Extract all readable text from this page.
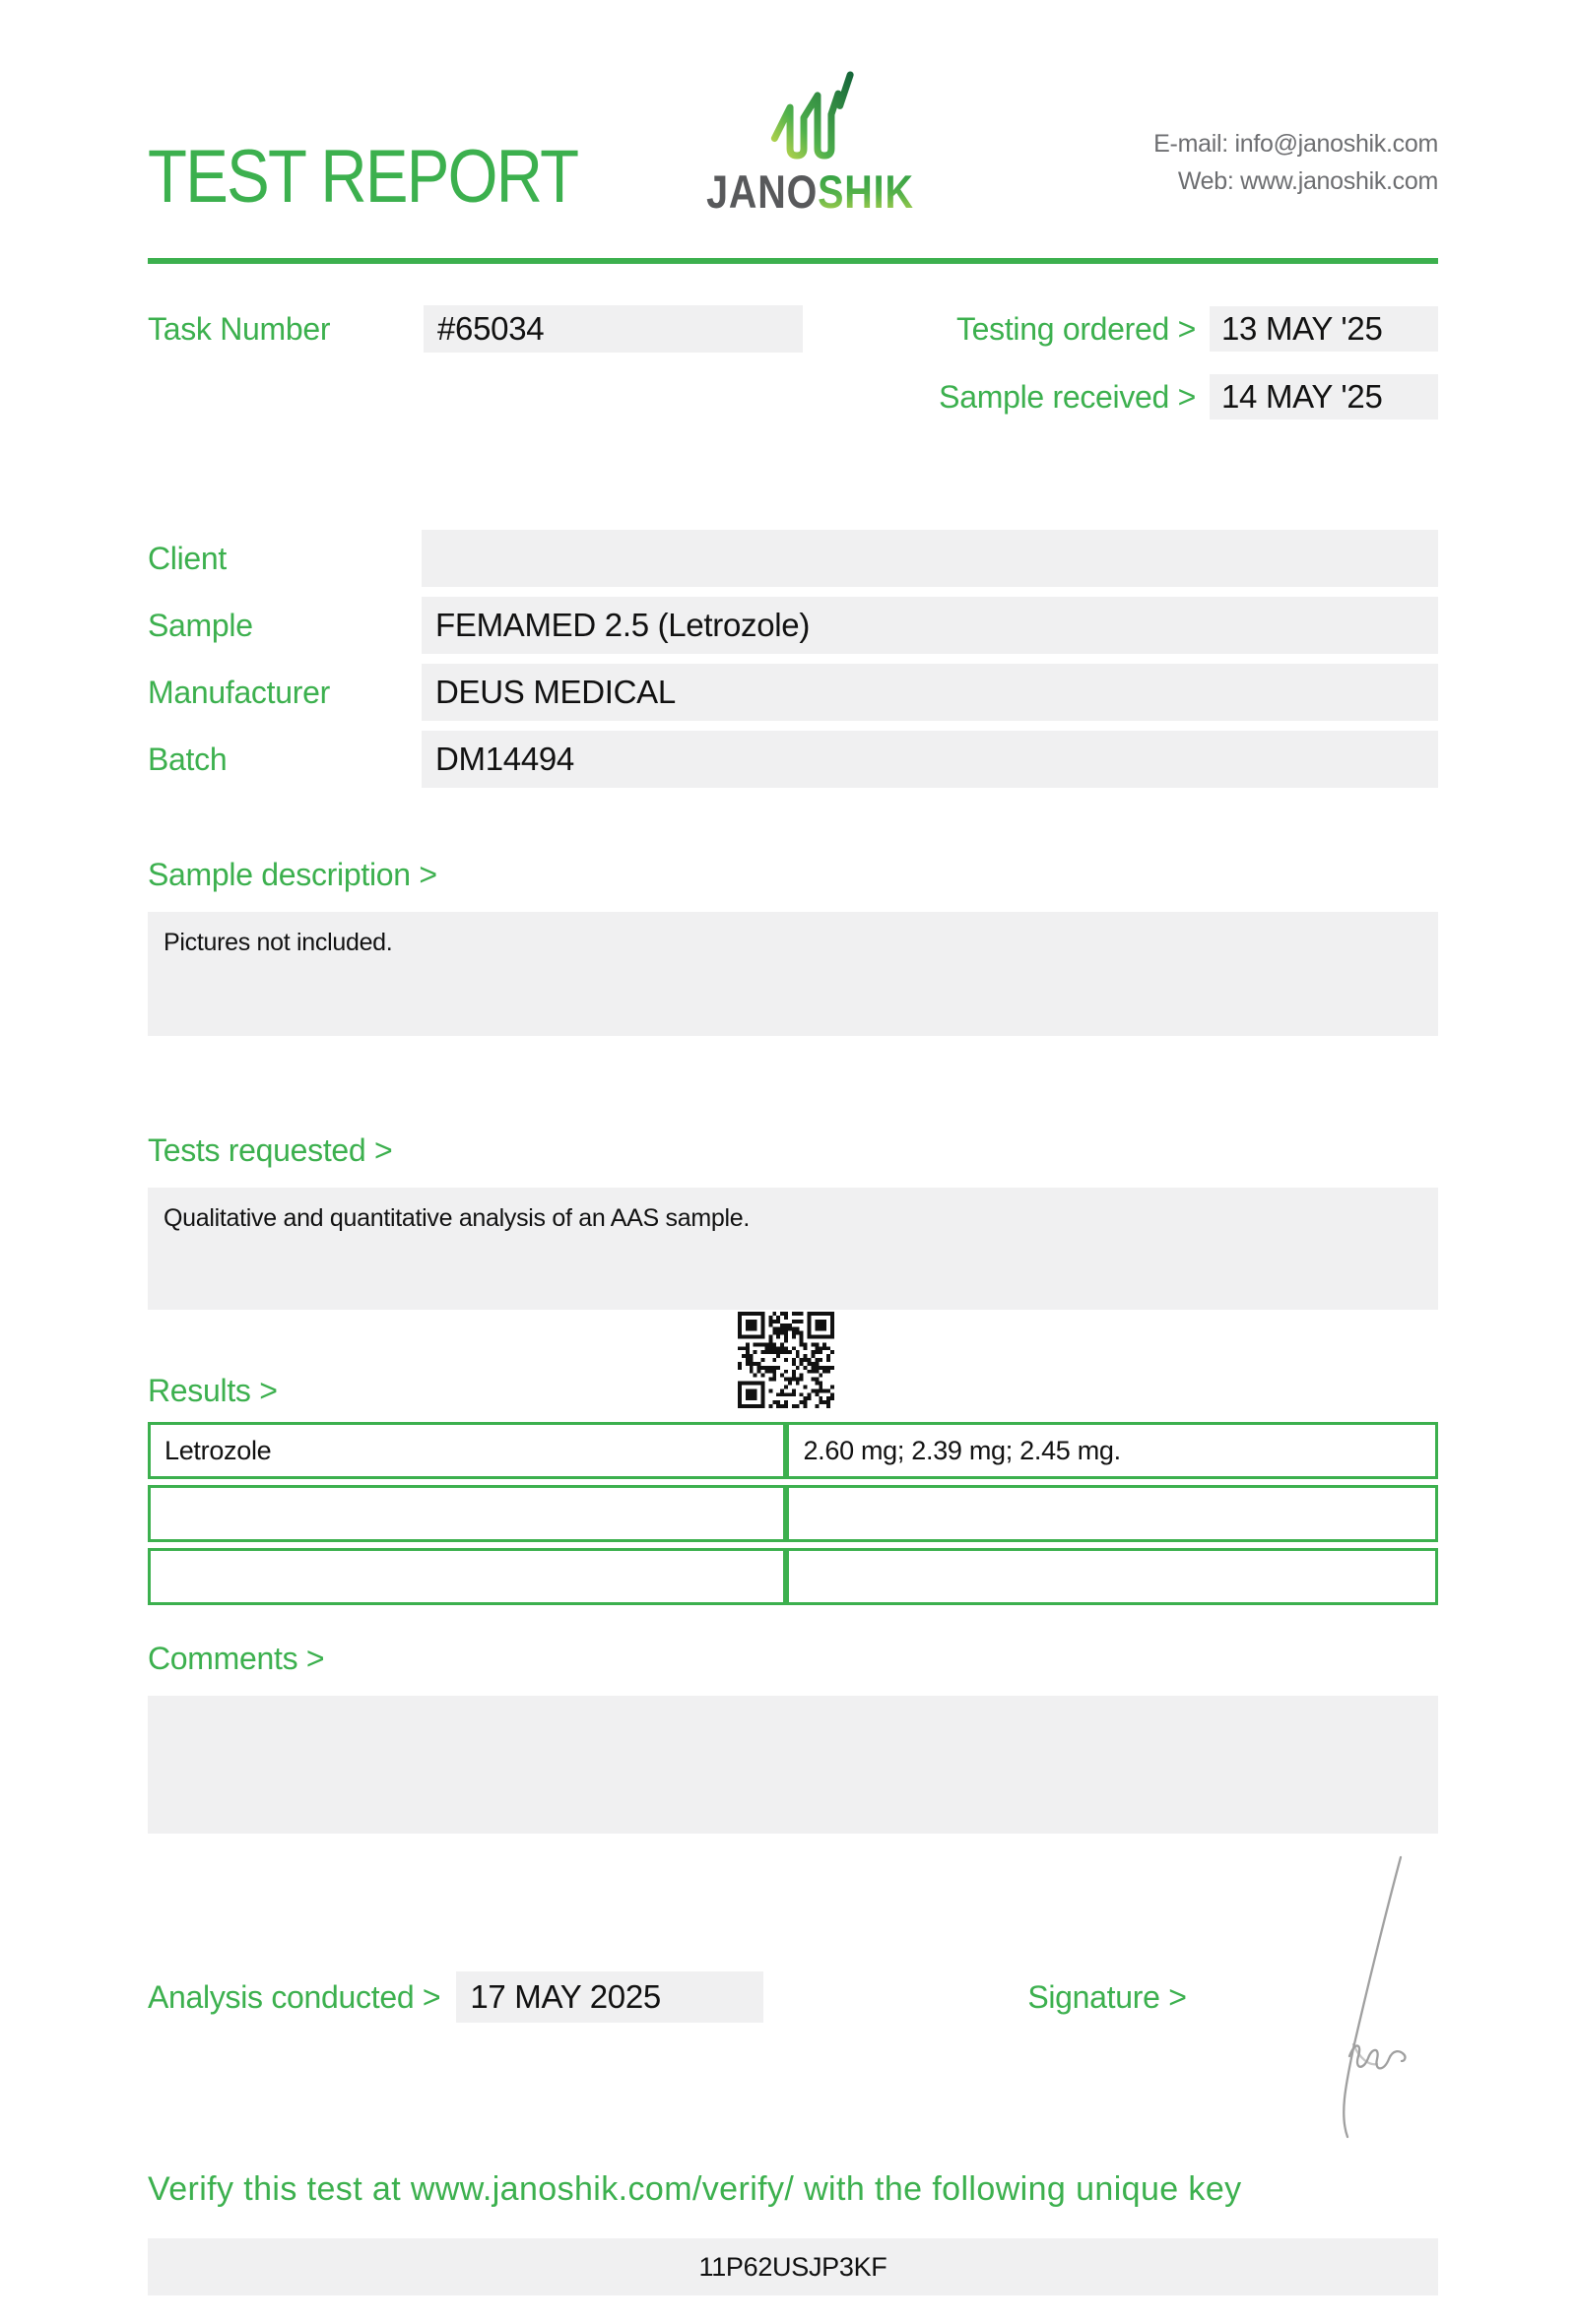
TEST REPORT	JANOSHIK
E-mail: info@janoshik.com
Web: www.janoshik.com
Task Number	#65034	Testing ordered > 13 MAY '25
Sample received > 14 MAY '25
Client
Sample	FEMAMED 2.5 (Letrozole)
Manufacturer	DEUS MEDICAL
Batch	DM14494
Sample description >
Pictures not included.
Tests requested >
Qualitative and quantitative analysis of an AAS sample.
Results >
Letrozole	2.60 mg; 2.39 mg; 2.45 mg.

Comments >
Analysis conducted > 17 MAY 2025	Signature >
Verify this test at www.janoshik.com/verify/ with the following unique key
11P62USJP3KF
